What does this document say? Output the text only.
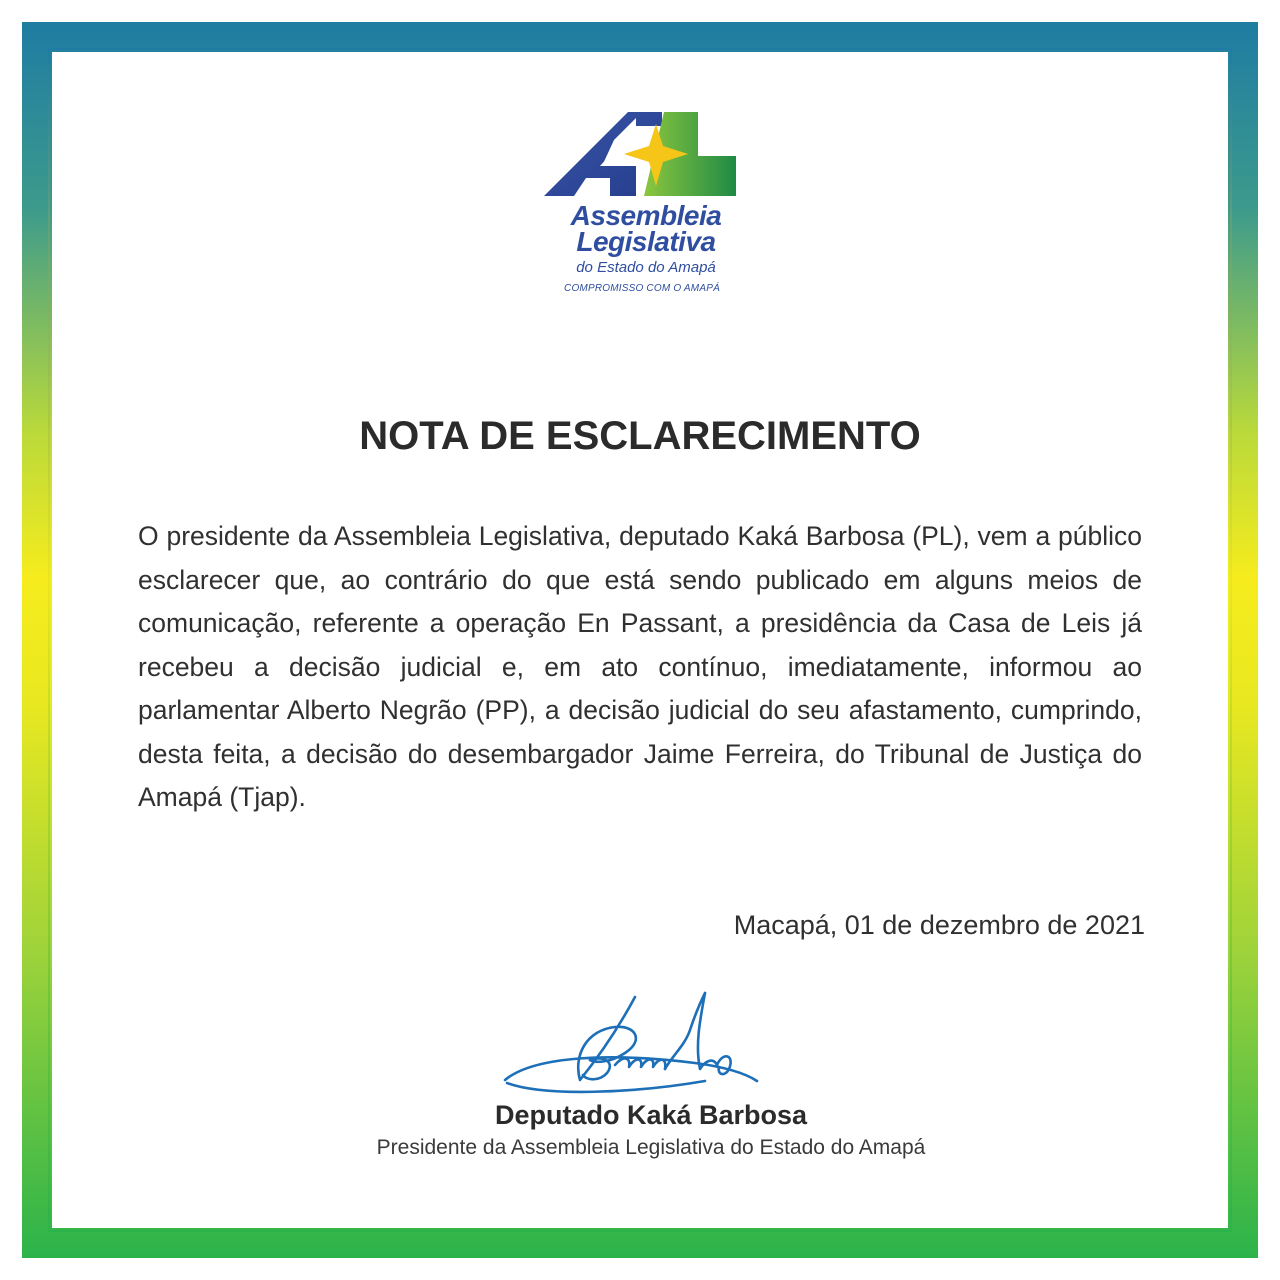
Assembleia
Legislativa
do Estado do Amapá
COMPROMISSO COM O AMAPÁ
NOTA DE ESCLARECIMENTO
O presidente da Assembleia Legislativa, deputado Kaká Barbosa (PL), vem a público esclarecer que, ao contrário do que está sendo publicado em alguns meios de comunicação, referente a operação En Passant, a presidência da Casa de Leis já recebeu a decisão judicial e, em ato contínuo, imediatamente, informou ao parlamentar Alberto Negrão (PP), a decisão judicial do seu afastamento, cumprindo, desta feita, a decisão do desembargador Jaime Ferreira, do Tribunal de Justiça do Amapá (Tjap).
Macapá, 01 de dezembro de 2021
Deputado Kaká Barbosa
Presidente da Assembleia Legislativa do Estado do Amapá
